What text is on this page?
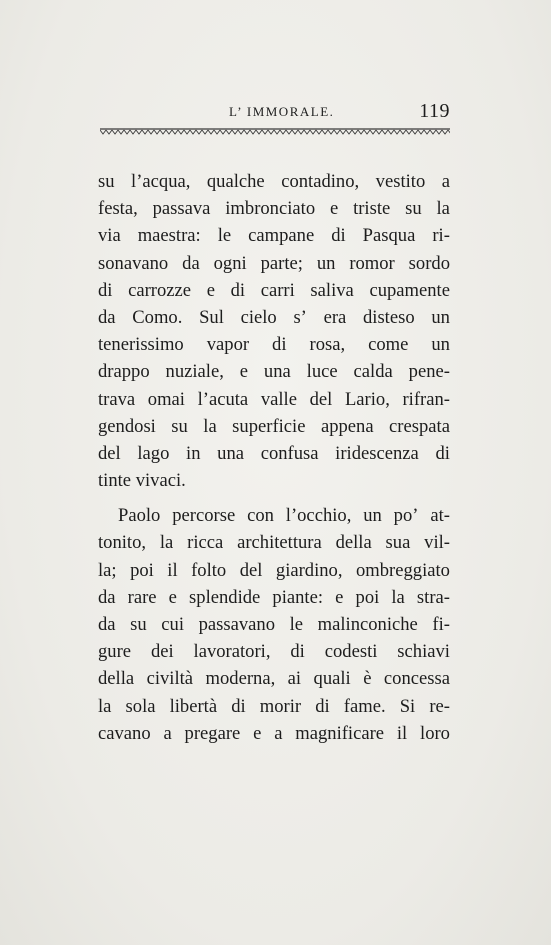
L’ IMMORALE.	119
su l’acqua, qualche contadino, vestito a
festa, passava imbronciato e triste su la
via maestra: le campane di Pasqua ri-
sonavano da ogni parte; un romor sordo
di carrozze e di carri saliva cupamente
da Como. Sul cielo s’ era disteso un
tenerissimo vapor di rosa, come un
drappo nuziale, e una luce calda pene-
trava omai l’acuta valle del Lario, rifran-
gendosi su la superficie appena crespata
del lago in una confusa iridescenza di
tinte vivaci.
Paolo percorse con l’occhio, un po’ at-
tonito, la ricca architettura della sua vil-
la; poi il folto del giardino, ombreggiato
da rare e splendide piante: e poi la stra-
da su cui passavano le malinconiche fi-
gure dei lavoratori, di codesti schiavi
della civiltà moderna, ai quali è concessa
la sola libertà di morir di fame. Si re-
cavano a pregare e a magnificare il loro
